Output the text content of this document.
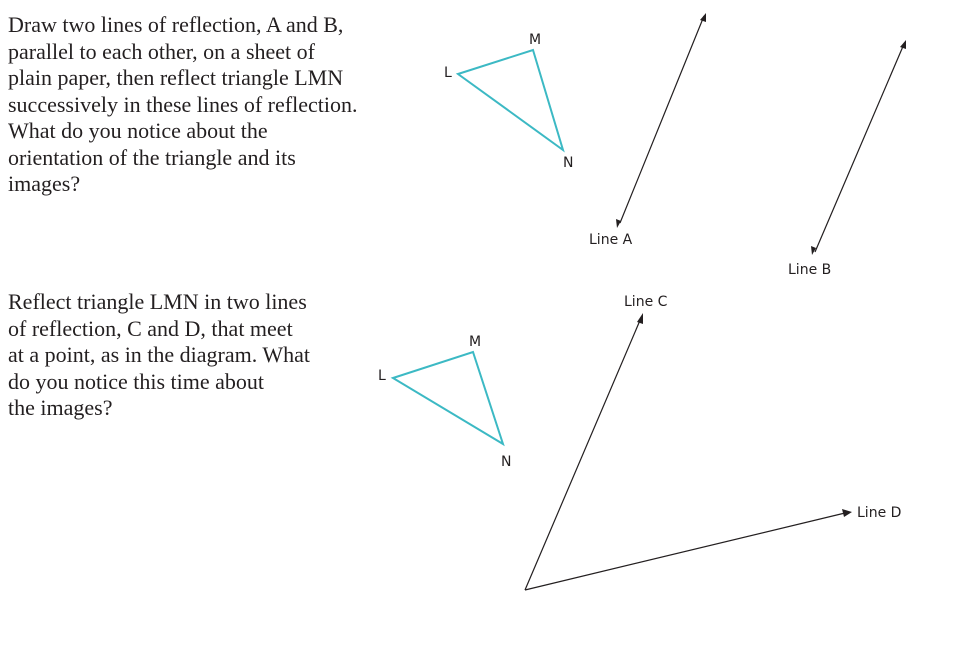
Draw two lines of reflection, A and B,
parallel to each other, on a sheet of
plain paper, then reflect triangle LMN
successively in these lines of reflection.
What do you notice about the
orientation of the triangle and its
images?
Reflect triangle LMN in two lines
of reflection, C and D, that meet
at a point, as in the diagram. What
do you notice this time about
the images?
L
M
N
Line A
Line B
L
M
N
Line C
Line D
